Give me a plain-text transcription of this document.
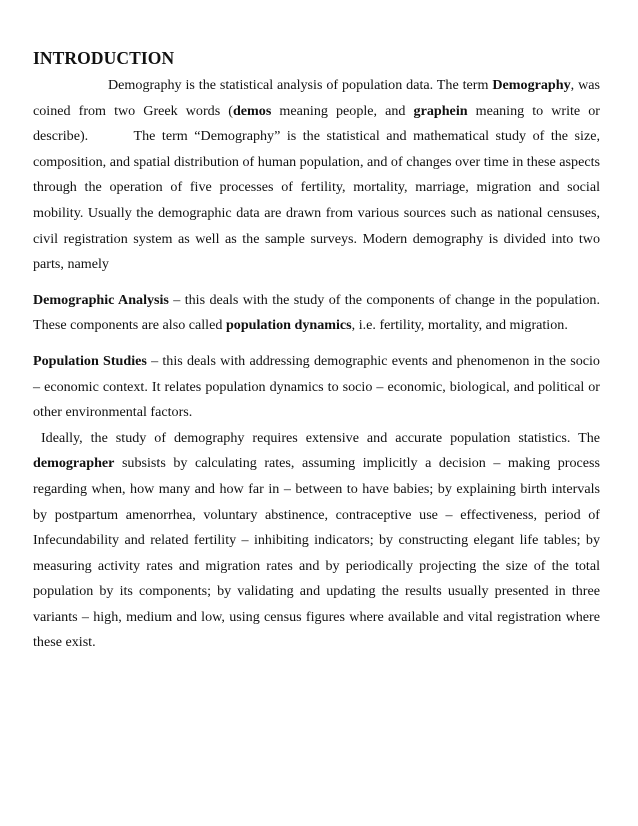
INTRODUCTION

Demography is the statistical analysis of population data. The term Demography, was coined from two Greek words (demos meaning people, and graphein meaning to write or describe).       The term “Demography” is the statistical and mathematical study of the size, composition, and spatial distribution of human population, and of changes over time in these aspects through the operation of five processes of fertility, mortality, marriage, migration and social mobility. Usually the demographic data are drawn from various sources such as national censuses, civil registration system as well as the sample surveys. Modern demography is divided into two parts, namely

Demographic Analysis – this deals with the study of the components of change in the population. These components are also called population dynamics, i.e. fertility, mortality, and migration.

Population Studies – this deals with addressing demographic events and phenomenon in the socio – economic context. It relates population dynamics to socio – economic, biological, and political or other environmental factors.

Ideally, the study of demography requires extensive and accurate population statistics. The demographer subsists by calculating rates, assuming implicitly a decision – making process regarding when, how many and how far in – between to have babies; by explaining birth intervals by postpartum amenorrhea, voluntary abstinence, contraceptive use – effectiveness, period of Infecundability and related fertility – inhibiting indicators; by constructing elegant life tables; by measuring activity rates and migration rates and by periodically projecting the size of the total population by its components; by validating and updating the results usually presented in three variants – high, medium and low, using census figures where available and vital registration where these exist.
